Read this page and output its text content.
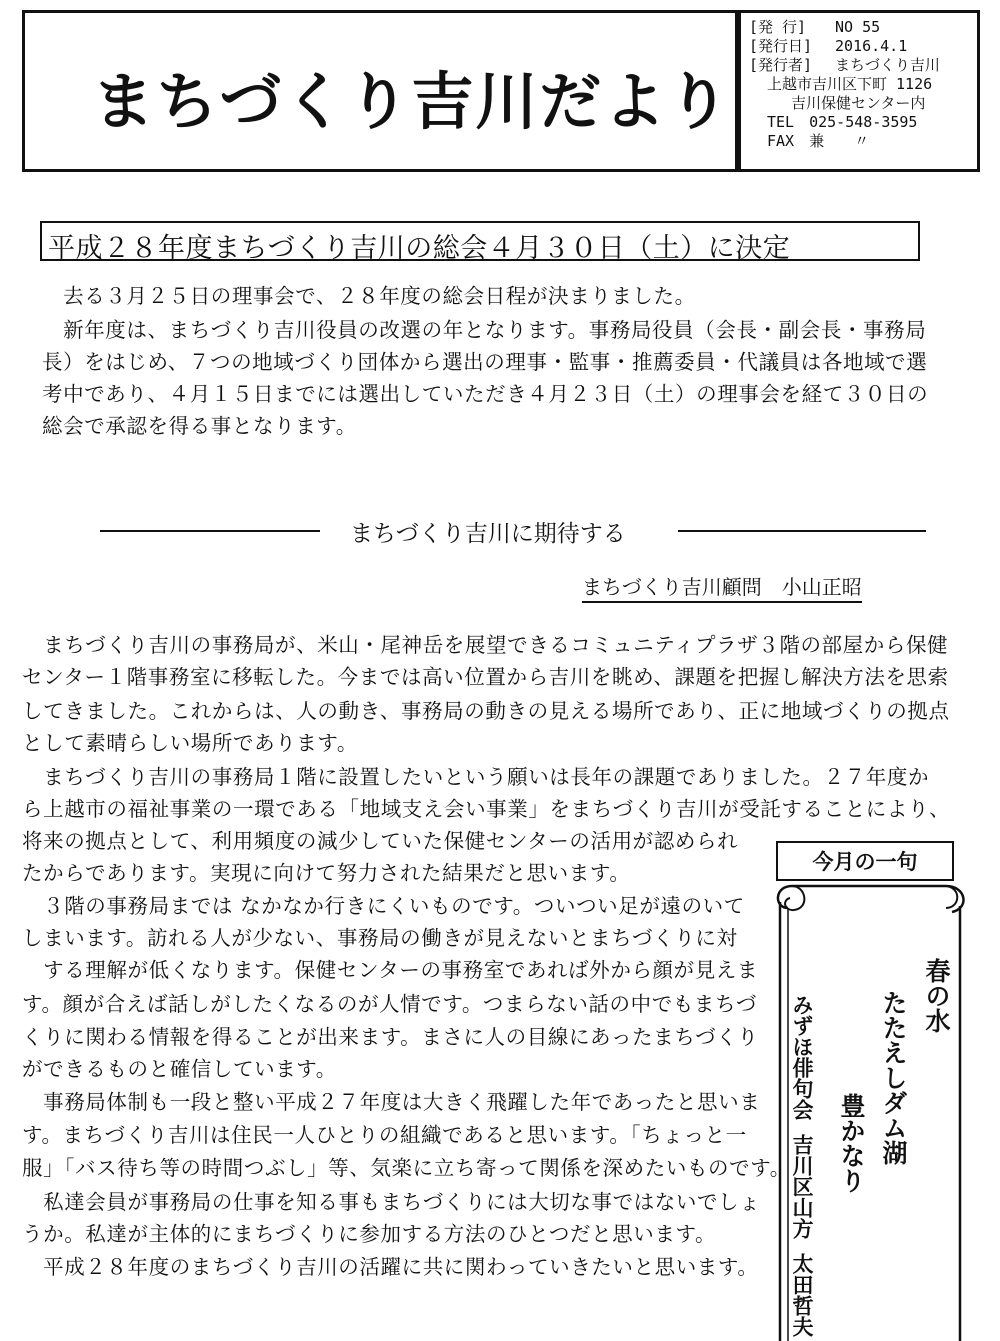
まちづくり吉川だより
[発 行] NO 55
[発行日] 2016.4.1
[発行者] まちづくり吉川
上越市吉川区下町 1126
吉川保健センター内
TEL　025-548-3595
FAX　兼　　〃
平成２８年度まちづくり吉川の総会４月３０日（土）に決定
　去る３月２５日の理事会で、２８年度の総会日程が決まりました。
　新年度は、まちづくり吉川役員の改選の年となります。事務局役員（会長・副会長・事務局
長）をはじめ、７つの地域づくり団体から選出の理事・監事・推薦委員・代議員は各地域で選
考中であり、４月１５日までには選出していただき４月２３日（土）の理事会を経て３０日の
総会で承認を得る事となります。
まちづくり吉川に期待する
まちづくり吉川顧問　小山正昭
　まちづくり吉川の事務局が、米山・尾神岳を展望できるコミュニティプラザ３階の部屋から保健
センター１階事務室に移転した。今までは高い位置から吉川を眺め、課題を把握し解決方法を思索
してきました。これからは、人の動き、事務局の動きの見える場所であり、正に地域づくりの拠点
として素晴らしい場所であります。
　まちづくり吉川の事務局１階に設置したいという願いは長年の課題でありました。２７年度か
ら上越市の福祉事業の一環である「地域支え会い事業」をまちづくり吉川が受託することにより、
将来の拠点として、利用頻度の減少していた保健センターの活用が認められ
たからであります。実現に向けて努力された結果だと思います。
　３階の事務局までは なかなか行きにくいものです。ついつい足が遠のいて
しまいます。訪れる人が少ない、事務局の働きが見えないとまちづくりに対
　する理解が低くなります。保健センターの事務室であれば外から顔が見えま
す。顔が合えば話しがしたくなるのが人情です。つまらない話の中でもまちづ
くりに関わる情報を得ることが出来ます。まさに人の目線にあったまちづくり
ができるものと確信しています。
　事務局体制も一段と整い平成２７年度は大きく飛躍した年であったと思いま
す。まちづくり吉川は住民一人ひとりの組織であると思います。「ちょっと一
服」「バス待ち等の時間つぶし」等、気楽に立ち寄って関係を深めたいものです。
　私達会員が事務局の仕事を知る事もまちづくりには大切な事ではないでしょ
うか。私達が主体的にまちづくりに参加する方法のひとつだと思います。
　平成２８年度のまちづくり吉川の活躍に共に関わっていきたいと思います。
今月の一句
春の水
たたえしダム湖
豊かなり
みずほ俳句会
吉川区山方
太田哲夫
